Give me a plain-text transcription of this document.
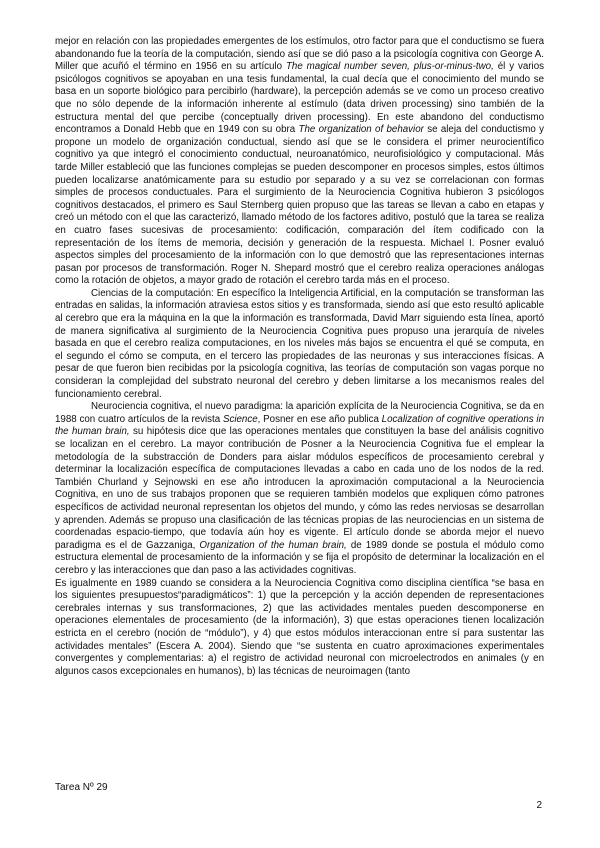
mejor en relación con las propiedades emergentes de los estímulos, otro factor para que el conductismo se fuera abandonando fue la teoría de la computación, siendo así que se dió paso a la psicología cognitiva con George A. Miller que acuñó el término en 1956 en su artículo The magical number seven, plus-or-minus-two, él y varios psicólogos cognitivos se apoyaban en una tesis fundamental, la cual decía que el conocimiento del mundo se basa en un soporte biológico para percibirlo (hardware), la percepción además se ve como un proceso creativo que no sólo depende de la información inherente al estímulo (data driven processing) sino también de la estructura mental del que percibe (conceptually driven processing). En este abandono del conductismo encontramos a Donald Hebb que en 1949 con su obra The organization of behavior se aleja del conductismo y propone un modelo de organización conductual, siendo así que se le considera el primer neurocientífico cognitivo ya que integró el conocimiento conductual, neuroanatómico, neurofisiológico y computacional. Más tarde Miller estableció que las funciones complejas se pueden descomponer en procesos simples, estos últimos pueden localizarse anatómicamente para su estudio por separado y a su vez se correlacionan con formas simples de procesos conductuales. Para el surgimiento de la Neurociencia Cognitiva hubieron 3 psicólogos cognitivos destacados, el primero es Saul Sternberg quien propuso que las tareas se llevan a cabo en etapas y creó un método con el que las caracterizó, llamado método de los factores aditivo, postuló que la tarea se realiza en cuatro fases sucesivas de procesamiento: codificación, comparación del ítem codificado con la representación de los ítems de memoria, decisión y generación de la respuesta. Michael I. Posner evaluó aspectos simples del procesamiento de la información con lo que demostró que las representaciones internas pasan por procesos de transformación. Roger N. Shepard mostró que el cerebro realiza operaciones análogas como la rotación de objetos, a mayor grado de rotación el cerebro tarda más en el proceso.

Ciencias de la computación: En específico la Inteligencia Artificial, en la computación se transforman las entradas en salidas, la información atraviesa estos sitios y es transformada, siendo así que esto resultó aplicable al cerebro que era la máquina en la que la información es transformada, David Marr siguiendo esta línea, aportó de manera significativa al surgimiento de la Neurociencia Cognitiva pues propuso una jerarquía de niveles basada en que el cerebro realiza computaciones, en los niveles más bajos se encuentra el qué se computa, en el segundo el cómo se computa, en el tercero las propiedades de las neuronas y sus interacciones físicas. A pesar de que fueron bien recibidas por la psicología cognitiva, las teorías de computación son vagas porque no consideran la complejidad del substrato neuronal del cerebro y deben limitarse a los mecanismos reales del funcionamiento cerebral.

Neurociencia cognitiva, el nuevo paradigma: la aparición explícita de la Neurociencia Cognitiva, se da en 1988 con cuatro artículos de la revista Science, Posner en ese año publica Localization of cognitive operations in the human brain, su hipótesis dice que las operaciones mentales que constituyen la base del análisis cognitivo se localizan en el cerebro. La mayor contribución de Posner a la Neurociencia Cognitiva fue el emplear la metodología de la substracción de Donders para aislar módulos específicos de procesamiento cerebral y determinar la localización específica de computaciones llevadas a cabo en cada uno de los nodos de la red. También Churland y Sejnowski en ese año introducen la aproximación computacional a la Neurociencia Cognitiva, en uno de sus trabajos proponen que se requieren también modelos que expliquen cómo patrones específicos de actividad neuronal representan los objetos del mundo, y cómo las redes nerviosas se desarrollan y aprenden. Además se propuso una clasificación de las técnicas propias de las neurociencias en un sistema de coordenadas espacio-tiempo, que todavía aún hoy es vigente. El artículo donde se aborda mejor el nuevo paradigma es el de Gazzaniga, Organization of the human brain, de 1989 donde se postula el módulo como estructura elemental de procesamiento de la información y se fija el propósito de determinar la localización en el cerebro y las interacciones que dan paso a las actividades cognitivas.

Es igualmente en 1989 cuando se considera a la Neurociencia Cognitiva como disciplina científica “se basa en los siguientes presupuestos“paradigmáticos”: 1) que la percepción y la acción dependen de representaciones cerebrales internas y sus transformaciones, 2) que las actividades mentales pueden descomponerse en operaciones elementales de procesamiento (de la información), 3) que estas operaciones tienen localización estricta en el cerebro (noción de “módulo”), y 4) que estos módulos interaccionan entre sí para sustentar las actividades mentales” (Escera A. 2004). Siendo que “se sustenta en cuatro aproximaciones experimentales convergentes y complementarias: a) el registro de actividad neuronal con microelectrodos en animales (y en algunos casos excepcionales en humanos), b) las técnicas de neuroimagen (tanto

Tarea Nº 29
2
